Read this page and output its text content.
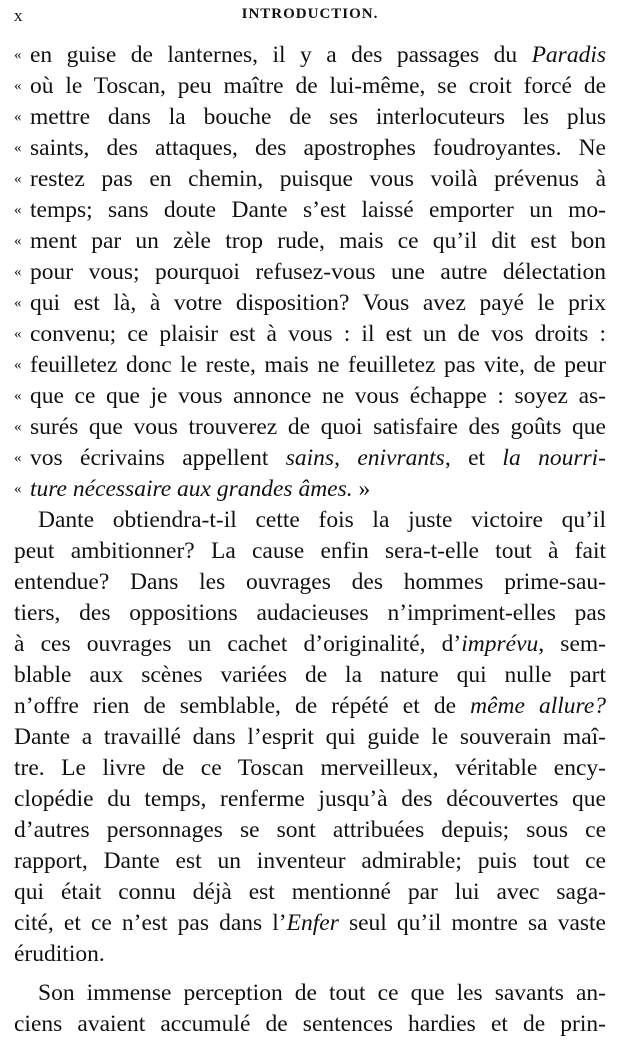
x	INTRODUCTION.
« en guise de lanternes, il y a des passages du Paradis
« où le Toscan, peu maître de lui-même, se croit forcé de
« mettre dans la bouche de ses interlocuteurs les plus
« saints, des attaques, des apostrophes foudroyantes. Ne
« restez pas en chemin, puisque vous voilà prévenus à
« temps; sans doute Dante s’est laissé emporter un mo-
« ment par un zèle trop rude, mais ce qu’il dit est bon
« pour vous; pourquoi refusez-vous une autre délectation
« qui est là, à votre disposition? Vous avez payé le prix
« convenu; ce plaisir est à vous : il est un de vos droits :
« feuilletez donc le reste, mais ne feuilletez pas vite, de peur
« que ce que je vous annonce ne vous échappe : soyez as-
« surés que vous trouverez de quoi satisfaire des goûts que
« vos écrivains appellent sains, enivrants, et la nourri-
« ture nécessaire aux grandes âmes. »
Dante obtiendra-t-il cette fois la juste victoire qu’il
peut ambitionner? La cause enfin sera-t-elle tout à fait
entendue? Dans les ouvrages des hommes prime-sau-
tiers, des oppositions audacieuses n’impriment-elles pas
à ces ouvrages un cachet d’originalité, d’imprévu, sem-
blable aux scènes variées de la nature qui nulle part
n’offre rien de semblable, de répété et de même allure?
Dante a travaillé dans l’esprit qui guide le souverain maî-
tre. Le livre de ce Toscan merveilleux, véritable ency-
clopédie du temps, renferme jusqu’à des découvertes que
d’autres personnages se sont attribuées depuis; sous ce
rapport, Dante est un inventeur admirable; puis tout ce
qui était connu déjà est mentionné par lui avec saga-
cité, et ce n’est pas dans l’Enfer seul qu’il montre sa vaste
érudition.
Son immense perception de tout ce que les savants an-
ciens avaient accumulé de sentences hardies et de prin-
